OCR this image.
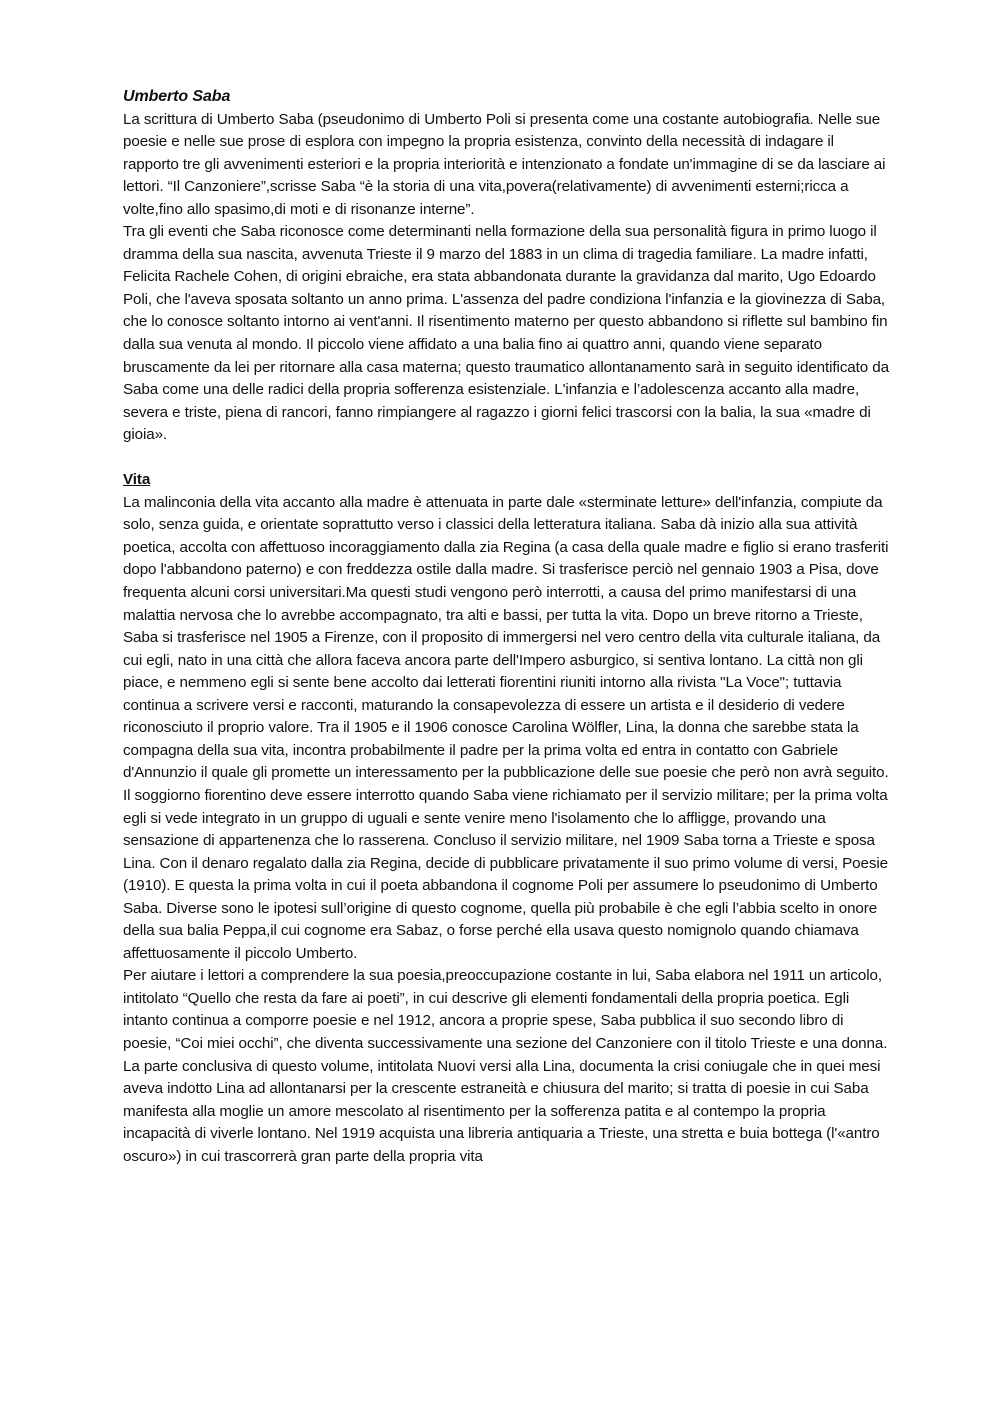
Umberto Saba

La scrittura di Umberto Saba (pseudonimo di Umberto Poli si presenta come una costante autobiografia. Nelle sue poesie e nelle sue prose di esplora con impegno la propria esistenza, convinto della necessità di indagare il rapporto tre gli avvenimenti esteriori e la propria interiorità e intenzionato a fondate un'immagine di se da lasciare ai lettori. “Il Canzoniere”,scrisse Saba “è la storia di una vita,povera(relativamente) di avvenimenti esterni;ricca a volte,fino allo spasimo,di moti e di risonanze interne”.

Tra gli eventi che Saba riconosce come determinanti nella formazione della sua personalità figura in primo luogo il dramma della sua nascita, avvenuta Trieste il 9 marzo del 1883 in un clima di tragedia familiare. La madre infatti, Felicita Rachele Cohen, di origini ebraiche, era stata abbandonata durante la gravidanza dal marito, Ugo Edoardo Poli, che l'aveva sposata soltanto un anno prima. L'assenza del padre condiziona l'infanzia e la giovinezza di Saba, che lo conosce soltanto intorno ai vent'anni. Il risentimento materno per questo abbandono si riflette sul bambino fin dalla sua venuta al mondo. Il piccolo viene affidato a una balia fino ai quattro anni, quando viene separato bruscamente da lei per ritornare alla casa materna; questo traumatico allontanamento sarà in seguito identificato da Saba come una delle radici della propria sofferenza esistenziale. L'infanzia e l’adolescenza accanto alla madre, severa e triste, piena di rancori, fanno rimpiangere al ragazzo i giorni felici trascorsi con la balia, la sua «madre di gioia».

Vita

La malinconia della vita accanto alla madre è attenuata in parte dale «sterminate letture» dell'infanzia, compiute da solo, senza guida, e orientate soprattutto verso i classici della letteratura italiana. Saba dà inizio alla sua attività poetica, accolta con affettuoso incoraggiamento dalla zia Regina (a casa della quale madre e figlio si erano trasferiti dopo l'abbandono paterno) e con freddezza ostile dalla madre. Si trasferisce perciò nel gennaio 1903 a Pisa, dove frequenta alcuni corsi universitari.Ma questi studi vengono però interrotti, a causa del primo manifestarsi di una malattia nervosa che lo avrebbe accompagnato, tra alti e bassi, per tutta la vita. Dopo un breve ritorno a Trieste, Saba si trasferisce nel 1905 a Firenze, con il proposito di immergersi nel vero centro della vita culturale italiana, da cui egli, nato in una città che allora faceva ancora parte dell'Impero asburgico, si sentiva lontano. La città non gli piace, e nemmeno egli si sente bene accolto dai letterati fiorentini riuniti intorno alla rivista "La Voce"; tuttavia continua a scrivere versi e racconti, maturando la consapevolezza di essere un artista e il desiderio di vedere riconosciuto il proprio valore. Tra il 1905 e il 1906 conosce Carolina Wölfler, Lina, la donna che sarebbe stata la compagna della sua vita, incontra probabilmente il padre per la prima volta ed entra in contatto con Gabriele d'Annunzio il quale gli promette un interessamento per la pubblicazione delle sue poesie che però non avrà seguito.

Il soggiorno fiorentino deve essere interrotto quando Saba viene richiamato per il servizio militare; per la prima volta egli si vede integrato in un gruppo di uguali e sente venire meno l'isolamento che lo affligge, provando una sensazione di appartenenza che lo rasserena. Concluso il servizio militare, nel 1909 Saba torna a Trieste e sposa Lina. Con il denaro regalato dalla zia Regina, decide di pubblicare privatamente il suo primo volume di versi, Poesie (1910). E questa la prima volta in cui il poeta abbandona il cognome Poli per assumere lo pseudonimo di Umberto Saba. Diverse sono le ipotesi sull’origine di questo cognome, quella più probabile è che egli l’abbia scelto in onore della sua balia Peppa,il cui cognome era Sabaz, o forse perché ella usava questo nomignolo quando chiamava affettuosamente il piccolo Umberto.

Per aiutare i lettori a comprendere la sua poesia,preoccupazione costante in lui, Saba elabora nel 1911 un articolo, intitolato “Quello che resta da fare ai poeti”, in cui descrive gli elementi fondamentali della propria poetica. Egli intanto continua a comporre poesie e nel 1912, ancora a proprie spese, Saba pubblica il suo secondo libro di poesie, “Coi miei occhi”, che diventa successivamente una sezione del Canzoniere con il titolo Trieste e una donna. La parte conclusiva di questo volume, intitolata Nuovi versi alla Lina, documenta la crisi coniugale che in quei mesi aveva indotto Lina ad allontanarsi per la crescente estraneità e chiusura del marito; si tratta di poesie in cui Saba manifesta alla moglie un amore mescolato al risentimento per la sofferenza patita e al contempo la propria incapacità di viverle lontano. Nel 1919 acquista una libreria antiquaria a Trieste, una stretta e buia bottega (l'«antro oscuro») in cui trascorrerà gran parte della propria vita
